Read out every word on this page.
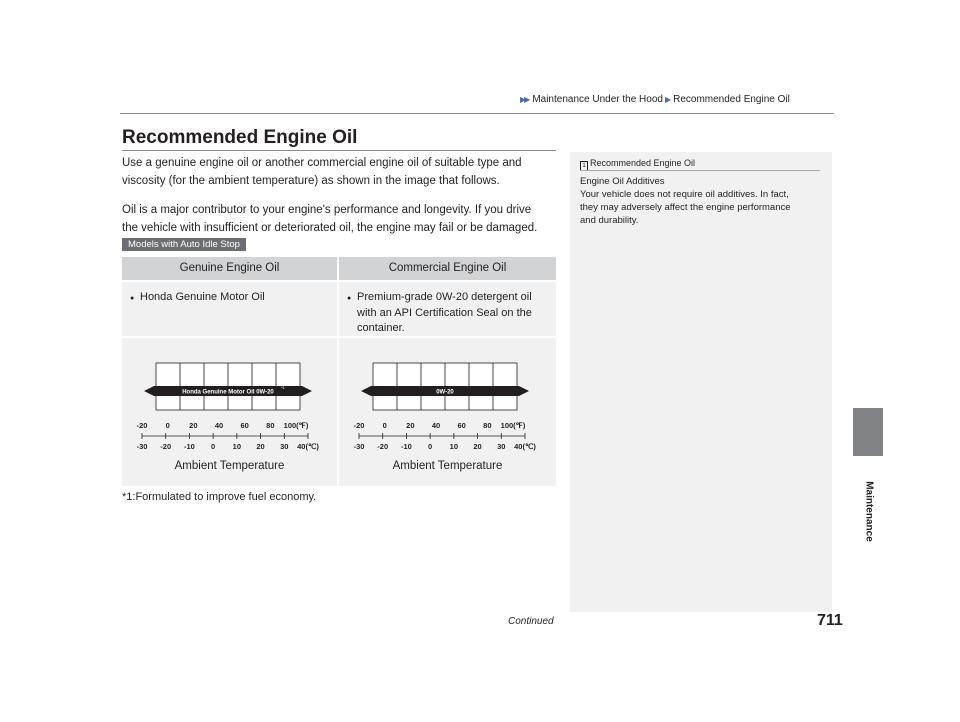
▶▶ Maintenance Under the Hood ▶ Recommended Engine Oil
Recommended Engine Oil
Use a genuine engine oil or another commercial engine oil of suitable type and
viscosity (for the ambient temperature) as shown in the image that follows.
Oil is a major contributor to your engine's performance and longevity. If you drive
the vehicle with insufficient or deteriorated oil, the engine may fail or be damaged.
Models with Auto Idle Stop
Genuine Engine Oil	Commercial Engine Oil
● Honda Genuine Motor Oil	● Premium-grade 0W-20 detergent oil
with an API Certification Seal on the
container.
Honda Genuine Motor Oil 0W-20
*1
-20 0	20 40 60 80 100(℉)
-30 -20 -10 0 10 20 30 40(℃)
Ambient Temperature
0W-20
-20 0	20 40 60 80 100(℉)
-30 -20 -10 0 10 20 30 40(℃)
Ambient Temperature
*1:Formulated to improve fuel economy.
1 Recommended Engine Oil
Engine Oil Additives
Your vehicle does not require oil additives. In fact,
they may adversely affect the engine performance
and durability.
Continued	711
Maintenance
